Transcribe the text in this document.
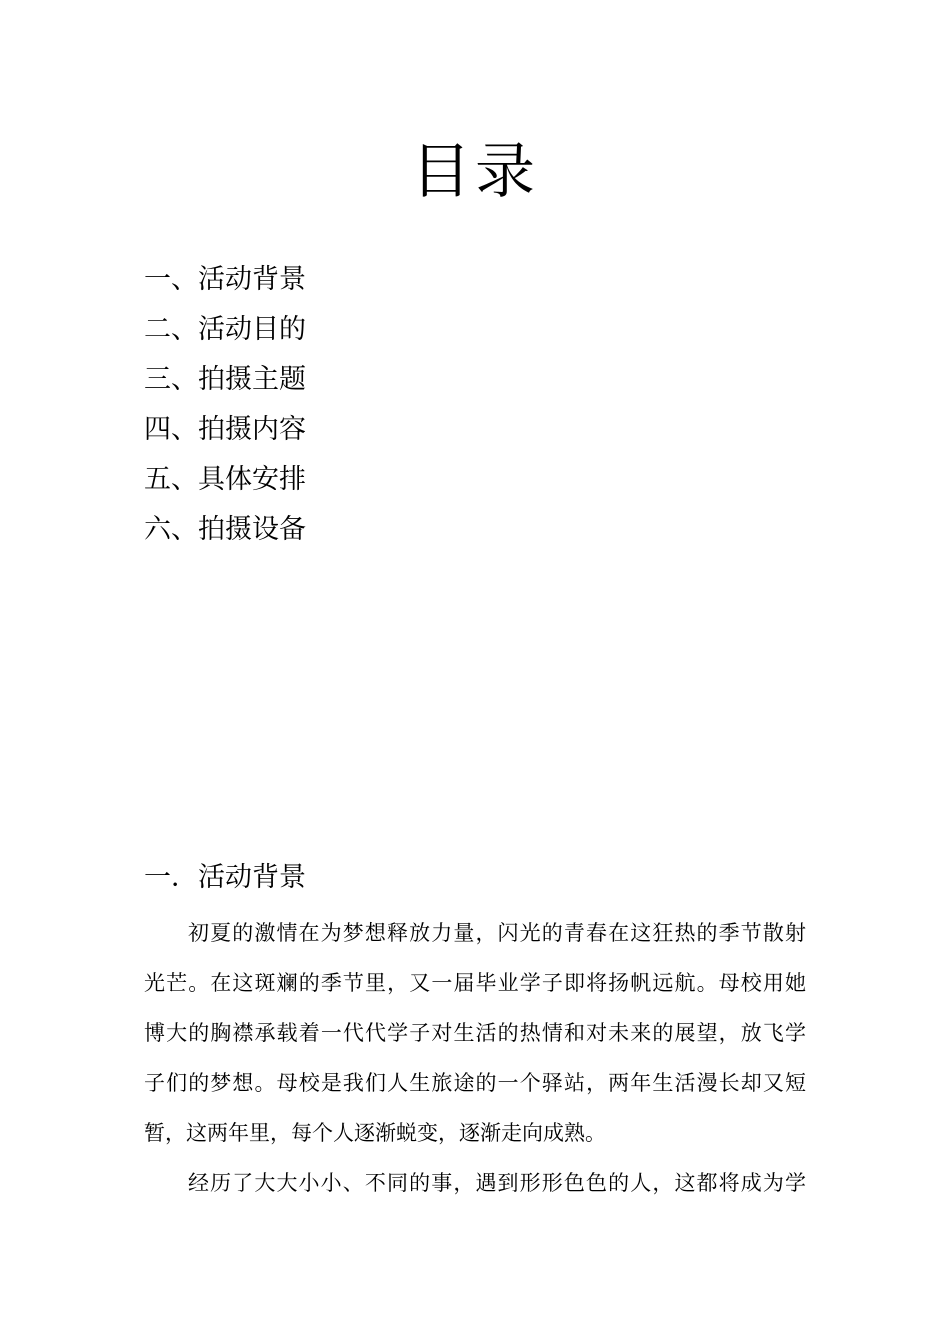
目录
一、活动背景
二、活动目的
三、拍摄主题
四、拍摄内容
五、具体安排
六、拍摄设备
一．活动背景
初夏的激情在为梦想释放力量，闪光的青春在这狂热的季节散射
光芒。在这斑斓的季节里，又一届毕业学子即将扬帆远航。母校用她
博大的胸襟承载着一代代学子对生活的热情和对未来的展望，放飞学
子们的梦想。母校是我们人生旅途的一个驿站，两年生活漫长却又短
暂，这两年里，每个人逐渐蜕变，逐渐走向成熟。
经历了大大小小、不同的事，遇到形形色色的人，这都将成为学
